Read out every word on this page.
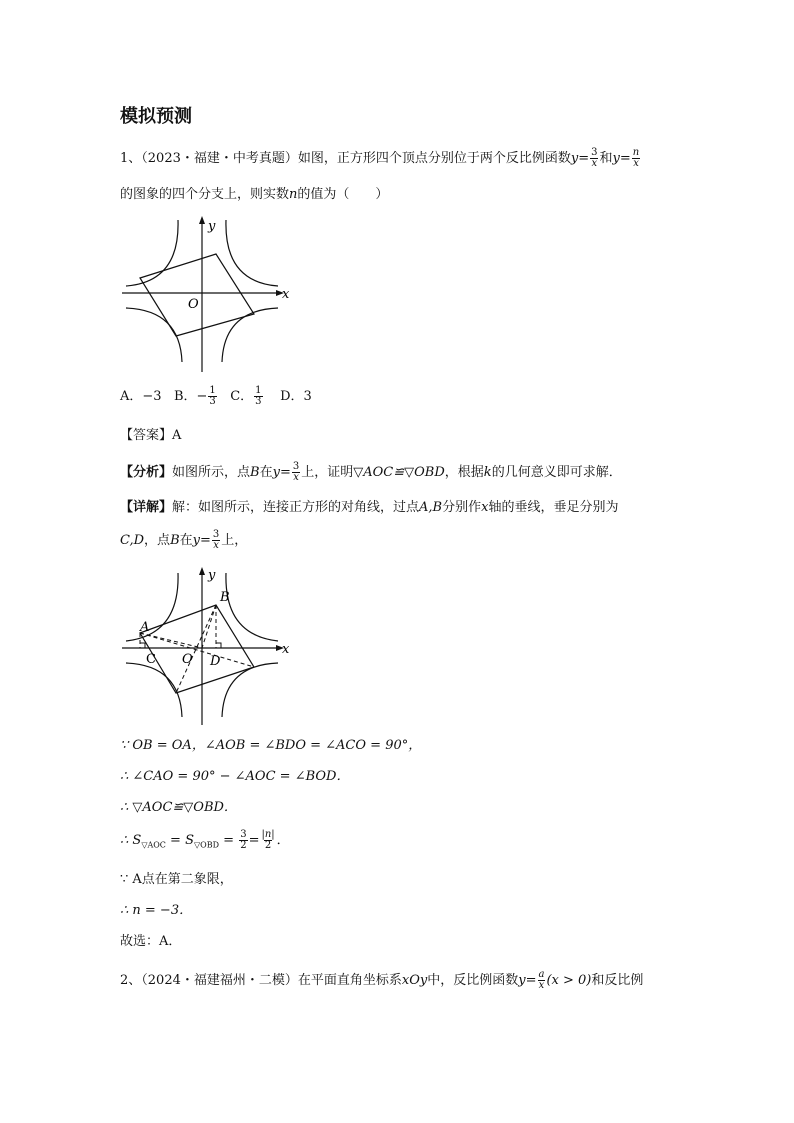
模拟预测
1、（2023・福建・中考真题）如图，正方形四个顶点分别位于两个反比例函数$y= \frac{3}{x}$ 和$y= \frac{n}{x}$
的图象的四个分支上，则实数n的值为（　　）
y
x
O
A．−3 B．− $\frac{1}{3}$ C． $\frac{1}{3}$ D．3
【答案】A
【分析】如图所示，点B在$y= \frac{3}{x}$ 上，证明▽AOC≌▽OBD，根据k的几何意义即可求解．
【详解】解：如图所示，连接正方形的对角线，过点A,B分别作x轴的垂线，垂足分别为
C,D，点B在$y= \frac{3}{x}$ 上，
y
x
O
A
B
C	D
∵ OB = OA，∠AOB = ∠BDO = ∠ACO = 90°，
∴ ∠CAO = 90° − ∠AOC = ∠BOD．
∴ ▽AOC≌▽OBD．
∴ $S_{▽AOC} = S_{▽OBD} = \frac{3}{2} = \frac{|n|}{2}$ ．
∵ A点在第二象限，
∴ n = −3．
故选：A．
2、（2024・福建福州・二模）在平面直角坐标系xOy中，反比例函数$y= \frac{a}{x} (x > 0)$和反比例
